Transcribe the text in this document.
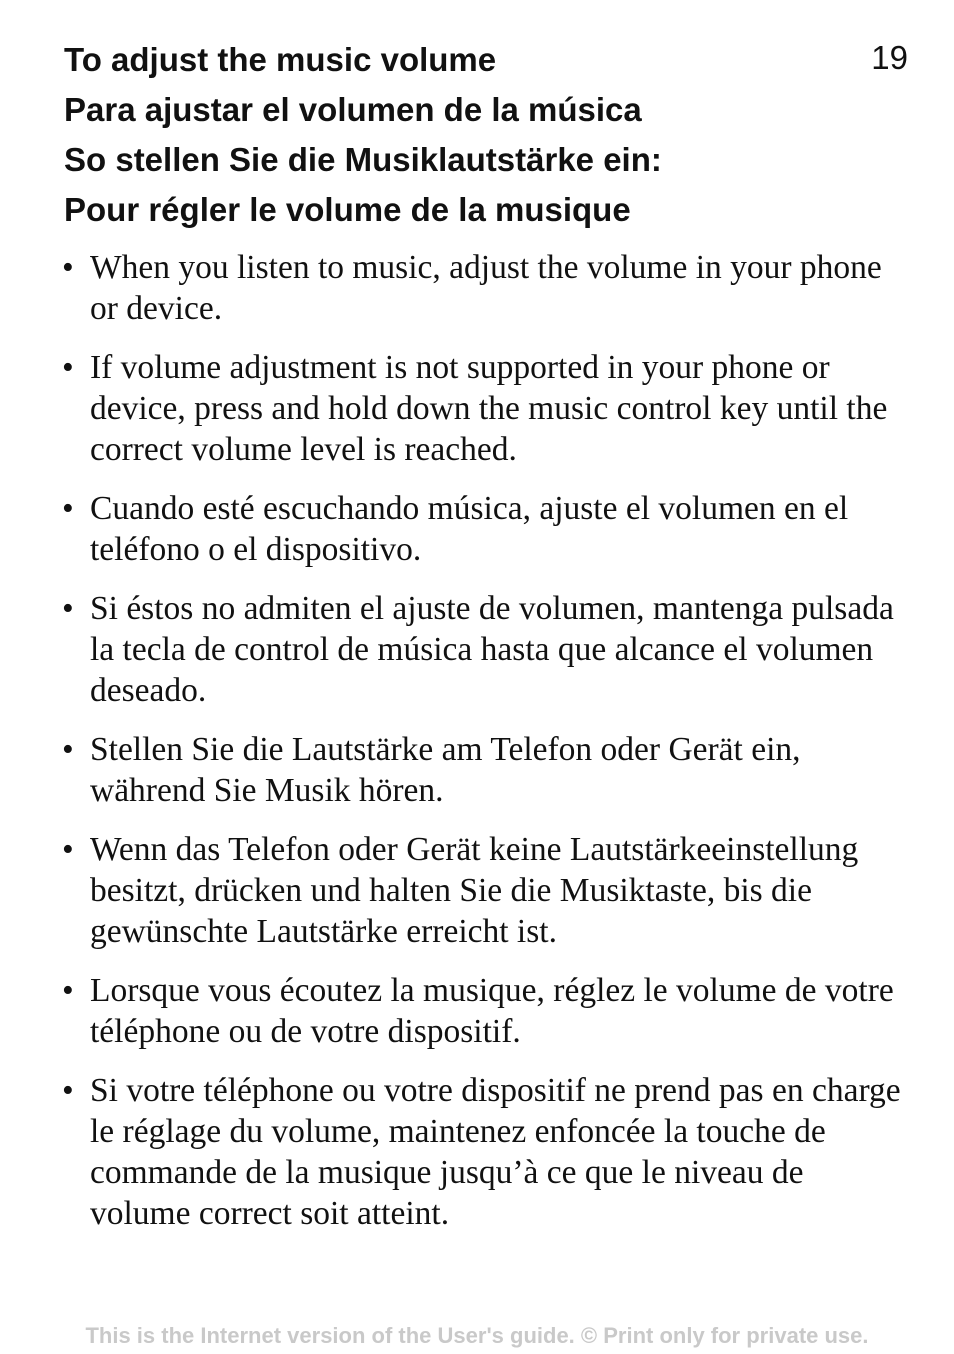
19
To adjust the music volume
Para ajustar el volumen de la música
So stellen Sie die Musiklautstärke ein:
Pour régler le volume de la musique
• When you listen to music, adjust the volume in your phone or device.
• If volume adjustment is not supported in your phone or device, press and hold down the music control key until the correct volume level is reached.
• Cuando esté escuchando música, ajuste el volumen en el teléfono o el dispositivo.
• Si éstos no admiten el ajuste de volumen, mantenga pulsada la tecla de control de música hasta que alcance el volumen deseado.
• Stellen Sie die Lautstärke am Telefon oder Gerät ein, während Sie Musik hören.
• Wenn das Telefon oder Gerät keine Lautstärkeeinstellung besitzt, drücken und halten Sie die Musiktaste, bis die gewünschte Lautstärke erreicht ist.
• Lorsque vous écoutez la musique, réglez le volume de votre téléphone ou de votre dispositif.
• Si votre téléphone ou votre dispositif ne prend pas en charge le réglage du volume, maintenez enfoncée la touche de commande de la musique jusqu’à ce que le niveau de volume correct soit atteint.
This is the Internet version of the User's guide. © Print only for private use.
